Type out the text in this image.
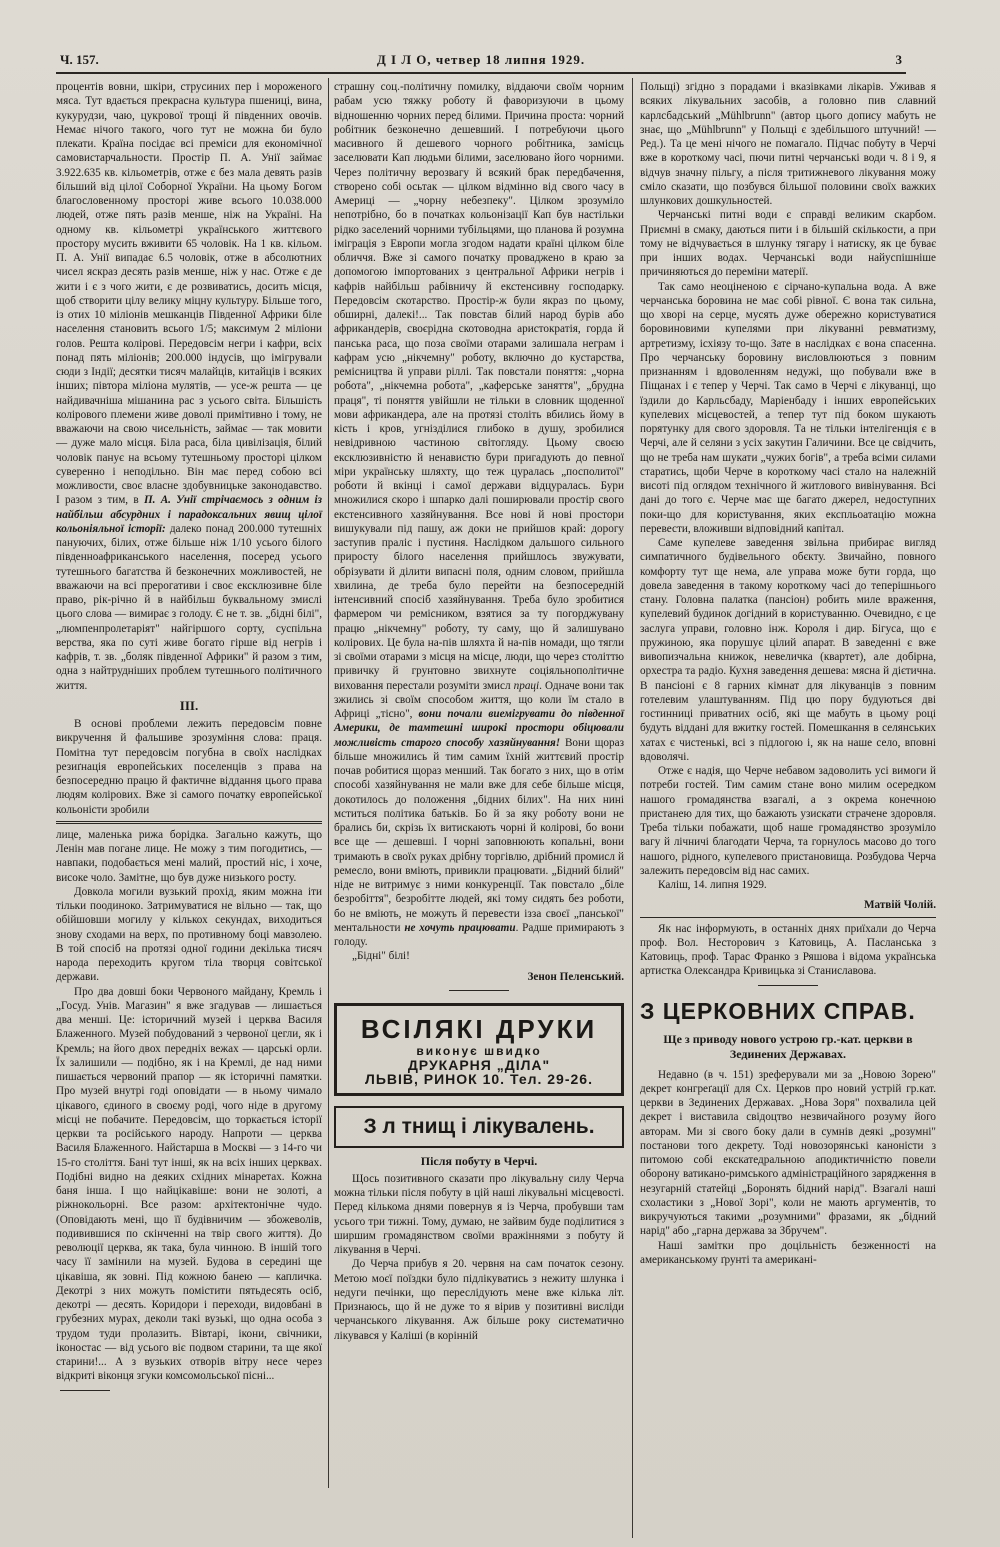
Ч. 157.	Д І Л О, четвер 18 липня 1929.	3

процентів вовни, шкіри, струсиних пер і мороженого мяса. Тут вдається прекрасна культура пшениці, вина, кукурудзи, чаю, цукрової трощі й південних овочів. Немає нічого такого, чого тут не можна би було плекати. Країна посідає всі преміси для економічної самовистарчальности. Простір П. А. Унії займає 3.922.635 кв. кільометрів, отже є без мала девять разів більший від цілої Соборної України. На цьому Богом благословенному просторі живе всього 10.038.000 людей, отже пять разів менше, ніж на Україні. На одному кв. кільометрі українського життєвого простору мусить вживити 65 чоловік. На 1 кв. кільом. П. А. Унії випадає 6.5 чоловік, отже в абсолютних чисел яскраз десять разів менше, ніж у нас. Отже є де жити і є з чого жити, є де розвиватись, досить місця, щоб створити цілу велику міцну культуру. Більше того, із отих 10 міліонів мешканців Південної Африки біле населення становить всього 1/5; максимум 2 міліони голов. Решта колірові. Передовсім негри і кафри, всіх понад пять міліонів; 200.000 індусів, що імігрували сюди з Індії; десятки тисяч малайців, китайців і всяких інших; півтора міліона мулятів, — усе-ж решта — це найдивачніша мішанина рас з усього світа. Більшість колірового племени живе доволі примітивно і тому, не вважаючи на свою чисельність, займає — так мовити — дуже мало місця. Біла раса, біла цивілізація, білий чоловік панує на всьому тутешньому просторі цілком суверенно і неподільно. Він має перед собою всі можливости, своє власне здобувницьке законодавство. І разом з тим, в П. А. Унії стрічаємось з одним із найбільш абсурдних і парадоксальних явищ цілої кольоніяльної історії: далеко понад 200.000 тутешніх пануючих, білих, отже більше ніж 1/10 усього білого південноафриканського населення, посеред усього тутешнього багатства й безконечних можливостей, не вважаючи на всі прерогативи і своє ексклюзивне біле право, рік-річно й в найбільш буквальному змислі цього слова — вимирає з голоду. Є не т. зв. „бідні білі", „люмпенпролетаріят" найгіршого сорту, суспільна верства, яка по суті живе богато гірше від негрів і кафрів, т. зв. „боляк південної Африки" й разом з тим, одна з найтрудніших проблем тутешнього політичного життя.

III.

В основі проблеми лежить передовсім повне викручення й фальшиве зрозуміння слова: праця. Помітна тут передовсім погубна в своїх наслідках резиґнація европейських поселенців з права на безпосередню працю й фактичне віддання цього права людям колірових. Вже зі самого початку европейської кольоністи зробили

лице, маленька рижа борідка. Загально кажуть, що Ленін мав погане лице. Не можу з тим погодитись, — навпаки, подобається мені малий, простий ніс, і хоче, високе чоло. Замітне, що був дуже низького росту.

Довкола могили вузький прохід, яким можна іти тільки поодиноко. Затримуватися не вільно — так, що обійшовши могилу у кількох секундах, виходиться знову сходами на верх, по противному боці мавзолею. В той спосіб на протязі одної години декілька тисяч народа переходить кругом тіла творця совітської держави.

Про два довші боки Червоного майдану, Кремль і „Госуд. Унів. Магазин" я вже згадував — лишається два менші. Це: історичний музей і церква Василя Блаженного. Музей побудований з червоної цегли, як і Кремль; на його двох передніх вежах — царські орли. Їх залишили — подібно, як і на Кремлі, де над ними пишається червоний прапор — як історичні памятки. Про музей внутрі годі оповідати — в ньому чимало цікавого, єдиного в своєму роді, чого ніде в другому місці не побачите. Передовсім, що торкається історії церкви та російського народу. Напроти — церква Василя Блаженного. Найстарша в Москві — з 14-го чи 15-го століття. Бані тут інші, як на всіх інших церквах. Подібні видно на деяких східних мінаретах. Кожна баня інша. І що найцікавіше: вони не золоті, а ріжнокольорні. Все разом: архітектонічне чудо. (Оповідають мені, що її будівничим — збожеволів, подивившися по скінченні на твір свого життя). До революції церква, як така, була чинною. В іншій того часу її замінили на музей. Будова в середині ще цікавіша, як зовні. Під кожною банею — капличка. Декотрі з них можуть помістити пятьдесять осіб, декотрі — десять. Коридори і переходи, видовбані в грубезних мурах, деколи такі вузькі, що одна особа з трудом туди пролазить. Вівтарі, ікони, свічники, іконостас — від усього віє подвом старини, та ще якої старини!... А з вузьких отворів вітру несе через відкриті віконця згуки комсомольської пісні...

страшну соц.-політичну помилку, віддаючи своїм чорним рабам усю тяжку роботу й фаворизуючи в цьому відношенню чорних перед білими. Причина проста: чорний робітник безконечно дешевший. І потребуючи цього масивного й дешевого чорного робітника, замісць заселювати Кап людьми білими, заселювано його чорними. Через політичну верозвагу й всякий брак передбачення, створено собі осьтак — цілком відмінно від свого часу в Америці — „чорну небезпеку". Цілком зрозуміло непотрібно, бо в початках кольонізації Кап був настільки рідко заселений чорними тубільцями, що планова й розумна іміграція з Европи могла згодом надати країні цілком біле обличчя. Вже зі самого початку проваджено в краю за допомогою імпортованих з центральної Африки негрів і кафрів найбільш рабівничу й екстенсивну господарку. Передовсім скотарство. Простір-ж були якраз по цьому, обширні, далекі!... Так повстав білий народ бурів або африкандерів, своєрідна скотоводна аристократія, горда й панська раса, що поза своїми отарами залишала неграм і кафрам усю „нікчемну" роботу, включно до кустарства, ремісництва й управи ріллі. Так повстали поняття: „чорна робота", „нікчемна робота", „каферське заняття", „брудна праця", ті поняття увійшли не тільки в словник щоденної мови африкандера, але на протязі століть вбились йому в кість і кров, угнізділися глибоко в душу, зробилися невідривною частиною світогляду. Цьому своєю ексклюзивністю й ненавистю бури пригадують до певної міри українську шляхту, що теж цуралась „посполитої" роботи й вкінці і самої держави відцуралась. Бури множилися скоро і шпарко далі поширювали простір свого екстенсивного хазяйнування. Все нові й нові простори вишукували під пашу, аж доки не прийшов край: дорогу заступив праліс і пустиня. Наслідком дальшого сильного приросту білого населення прийшлось звужувати, обрізувати й ділити випасні поля, одним словом, прийшла хвилина, де треба було перейти на безпосередній інтенсивний спосіб хазяйнування. Треба було зробитися фармером чи ремісником, взятися за ту погорджувану працю „нікчемну" роботу, ту саму, що й залишувано колірових. Це була на-пів шляхта й на-пів номади, що тягли зі своїми отарами з місця на місце, люди, що через століттю привичку й грунтовно звихнуте соціяльнополітичне виховання перестали розуміти змисл праці. Одначе вони так зжились зі своїм способом життя, що коли їм стало в Африці „тісно", вони почали виемігрувати до південної Америки, де тамтешні широкі простори обіцювали можливість старого способу хазяйнування! Вони щораз більше множились й тим самим їхній життєвий простір почав робитися щораз менший. Так богато з них, що в отім способі хазяйнування не мали вже для себе більше місця, докотилось до положення „бідних білих". На них нині мститься політика батьків. Бо й за яку роботу вони не брались би, скрізь їх витискають чорні й колірові, бо вони все ще — дешевші. І чорні заповнюють копальні, вони тримають в своїх руках дрібну торгівлю, дрібний промисл й ремесло, вони вміють, привикли працювати. „Бідний білий" ніде не витримує з ними конкуренції. Так повстало „біле безробіття", безробітте людей, які тому сидять без роботи, бо не вміють, не можуть й перевести ізза своєї „панської" ментальности не хочуть працювати. Радше примирають з голоду.

„Бідні" білі!

Зенон Пеленський.
ВСІЛЯКІ ДРУКИ
виконує швидко
ДРУКАРНЯ „ДІЛА"
ЛЬВІВ, РИНОК 10. Тел. 29-26.
З л тнищ і лікувалень.
Після побуту в Черчі.

Щось позитивного сказати про лікувальну силу Черча можна тільки після побуту в цій наші лікувальні місцевості. Перед кількома днями повернув я із Черча, пробувши там усього три тижні. Тому, думаю, не зайвим буде поділитися з ширшим громадянством своїми вражіннями з побуту й лікування в Черчі.

До Черча прибув я 20. червня на сам початок сезону. Метою моєї поїздки було підлікуватись з нежиту шлунка і недуги печінки, що переслідують мене вже кілька літ. Признаюсь, що й не дуже то я вірив у позитивні висліди черчанського лікування. Аж більше року систематично лікувався у Каліші (в корінній

Польщі) згідно з порадами і вказівками лікарів. Уживав я всяких лікувальних засобів, а головно пив славний карлсбадський „Mühlbrunn" (автор цього допису мабуть не знає, що „Mühlbrunn" у Польщі є здебільшого штучний! — Ред.). Та це мені нічого не помагало. Підчас побуту в Черчі вже в короткому часі, пючи питні черчанські води ч. 8 і 9, я відчув значну пільгу, а після тритижневого лікування можу сміло сказати, що позбувся більшої половини своїх важких шлункових дошкульностей.

Черчанські питні води є справді великим скарбом. Приємні в смаку, даються пити і в більшій скількости, а при тому не відчувається в шлунку тягару і натиску, як це буває при інших водах. Черчанські води найуспішніше причиняються до переміни матерії.

Так само неоціненою є сірчано-купальна вода. А вже черчанська боровина не має собі рівної. Є вона так сильна, що хворі на серце, мусять дуже обережно користуватися боровиновими купелями при лікуванні ревматизму, артретизму, ісхіязу то-що. Зате в наслідках є вона спасенна. Про черчанську боровину висловлюються з повним признанням і вдоволенням недужі, що побували вже в Піщанах і є тепер у Черчі. Так само в Черчі є лікуванці, що їздили до Карльсбаду, Маріенбаду і інших европейських купелевих місцевостей, а тепер тут під боком шукають порятунку для свого здоровля. Та не тільки інтелігенція є в Черчі, але й селяни з усіх закутин Галичини. Все це свідчить, що не треба нам шукати „чужих богів", а треба всіми силами старатись, щоби Черче в короткому часі стало на належній висоті під оглядом технічного й житлового вивінування. Всі дані до того є. Черче має ще багато джерел, недоступних поки-що для користування, яких експльоатацію можна перевести, вложивши відповідний капітал.

Саме купелеве заведення звільна прибирає вигляд симпатичного будівельного обєкту. Звичайно, повного комфорту тут ще нема, але управа може бути горда, що довела заведення в такому короткому часі до теперішнього стану. Головна палатка (пансіон) робить миле враження, купелевий будинок догідний в користуванню. Очевидно, є це заслуга управи, головно інж. Короля і дир. Бігуса, що є пружиною, яка порушує цілий апарат. В заведенні є вже вивопизчальна книжок, невеличка (квартет), але добірна, орхестра та радіо. Кухня заведення дешева: мясна й дієтична. В пансіоні є 8 гарних кімнат для лікуванців з повним готелевим улаштуванням. Під цю пору будуються дві гостинниці приватних осіб, які ще мабуть в цьому році будуть віддані для вжитку гостей. Помешкання в селянських хатах є чистенькі, всі з підлогою і, як на наше село, вповні вдоволячі.

Отже є надія, що Черче небавом задоволить усі вимоги й потреби гостей. Тим самим стане воно милим осередком нашого громадянства взагалі, а з окрема конечною пристанею для тих, що бажають узискати страчене здоровля. Треба тільки побажати, щоб наше громадянство зрозуміло вагу й лічничі благодати Черча, та горнулось масово до того нашого, рідного, купелевого пристановища. Розбудова Черча залежить передовсім від нас самих.

Каліш, 14. липня 1929.

Матвій Чолій.

Як нас інформують, в останніх днях приїхали до Черча проф. Вол. Несторович з Катовиць, А. Пасланська з Катовиць, проф. Тарас Франко з Ряшова і відома українська артистка Олександра Кривицька зі Станиславова.

З ЦЕРКОВНИХ СПРАВ.
Ще з приводу нового устрою гр.-кат. церкви в Зединених Державах.

Недавно (в ч. 151) зреферували ми за „Новою Зорею" декрет конгреґації для Сх. Церков про новий устрій гр.кат. церкви в Зединених Державах. „Нова Зоря" похвалила цей декрет і виставила свідоцтво незвичайного розуму його авторам. Ми зі свого боку дали в сумнів деякі „розумні" постанови того декрету. Тоді новозорянські каноністи з питомою собі екскатедральною аподиктичністю повели оборону ватикано-римського адміністраційного зарядження в незугарній статейці „Боронять бідний нарід". Взагалі наші схоластики з „Нової Зорі", коли не мають аргументів, то викручуються такими „розумними" фразами, як „бідний нарід" або „гарна держава за Збручем".

Наші замітки про доцільність безженності на американському ґрунті та американі-
